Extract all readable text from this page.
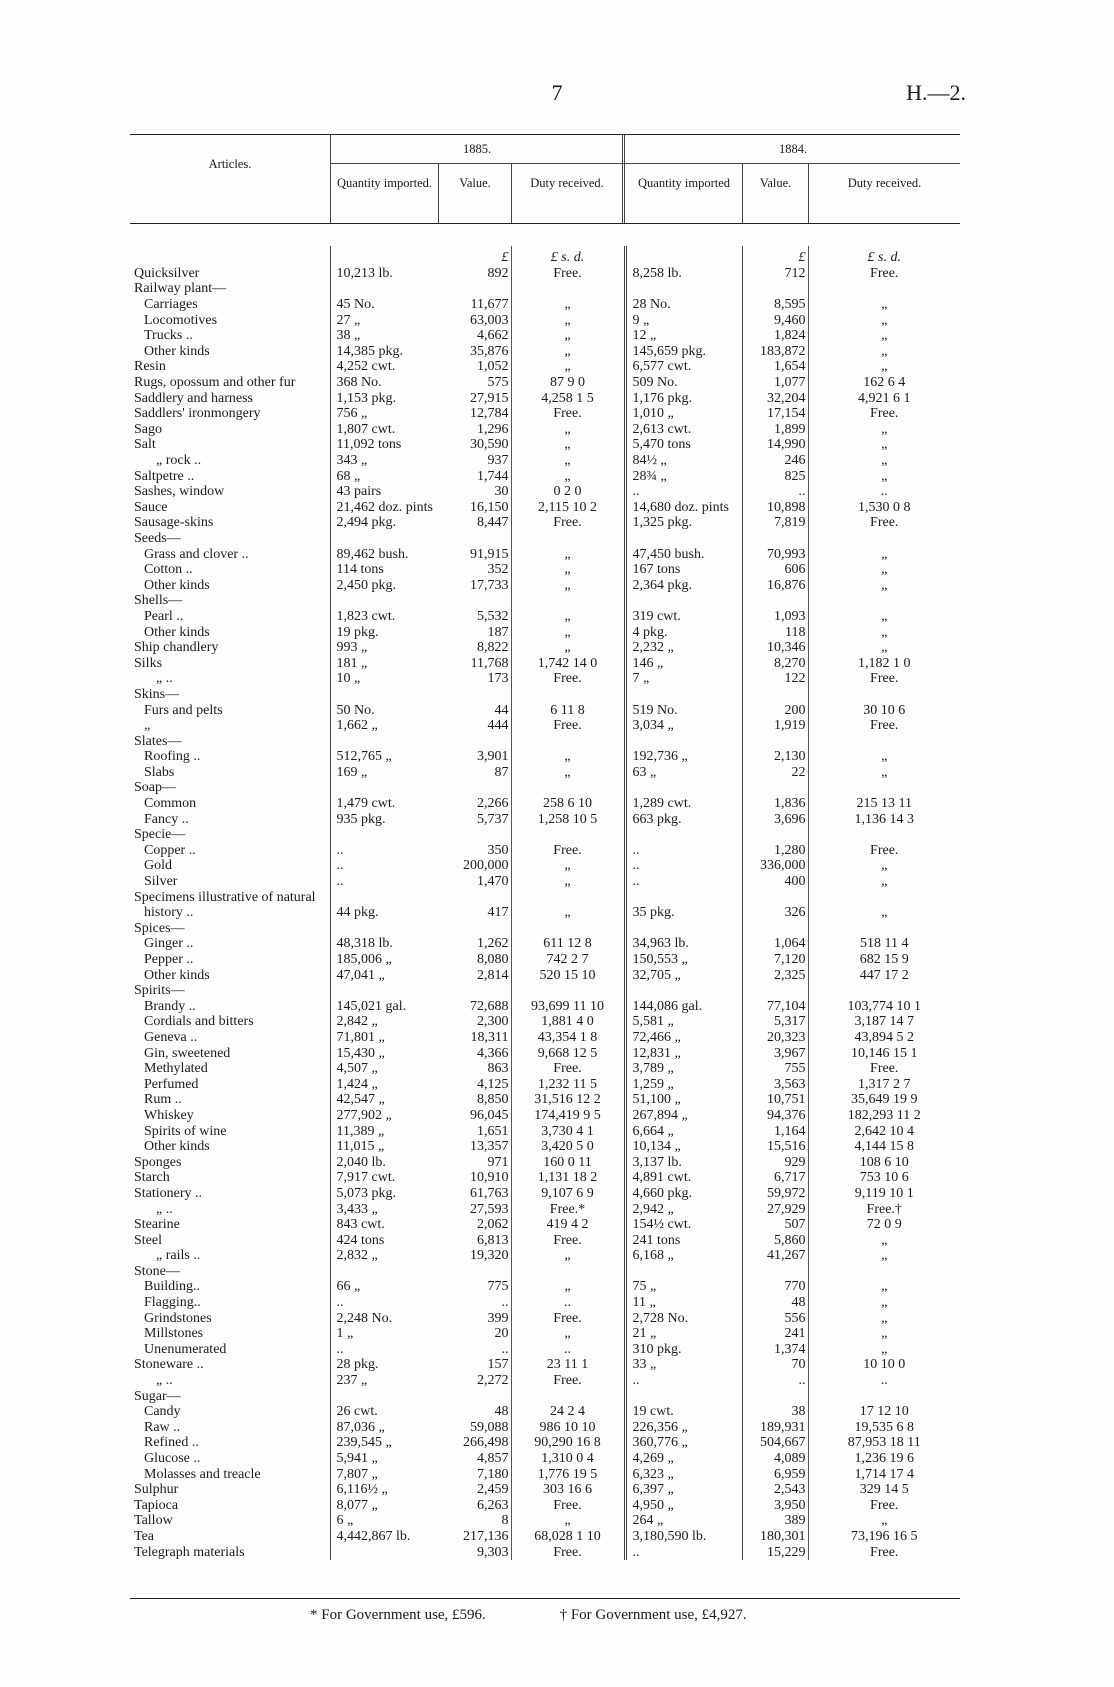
7	H.—2.
Articles.
1885.	1884.
Quantity imported.	Value.	Duty received.	Quantity imported	Value.	Duty received.
		£	£ s. d.		£	£ s. d.
Quicksilver	10,213 lb.	892	Free.	8,258 lb.	712	Free.
Railway plant—						
Carriages	45 No.	11,677	„	28 No.	8,595	„
Locomotives	27 „	63,003	„	9 „	9,460	„
Trucks ..	38 „	4,662	„	12 „	1,824	„
Other kinds	14,385 pkg.	35,876	„	145,659 pkg.	183,872	„
Resin	4,252 cwt.	1,052	„	6,577 cwt.	1,654	„
Rugs, opossum and other fur	368 No.	575	87 9 0	509 No.	1,077	162 6 4
Saddlery and harness	1,153 pkg.	27,915	4,258 1 5	1,176 pkg.	32,204	4,921 6 1
Saddlers' ironmongery	756 „	12,784	Free.	1,010 „	17,154	Free.
Sago	1,807 cwt.	1,296	„	2,613 cwt.	1,899	„
Salt	11,092 tons	30,590	„	5,470 tons	14,990	„
„ rock ..	343 „	937	„	84½ „	246	„
Saltpetre ..	68 „	1,744	„	28¾ „	825	„
Sashes, window	43 pairs	30	0 2 0	..	..	..
Sauce	21,462 doz. pints	16,150	2,115 10 2	14,680 doz. pints	10,898	1,530 0 8
Sausage-skins	2,494 pkg.	8,447	Free.	1,325 pkg.	7,819	Free.
Seeds—						
Grass and clover ..	89,462 bush.	91,915	„	47,450 bush.	70,993	„
Cotton ..	114 tons	352	„	167 tons	606	„
Other kinds	2,450 pkg.	17,733	„	2,364 pkg.	16,876	„
Shells—						
Pearl ..	1,823 cwt.	5,532	„	319 cwt.	1,093	„
Other kinds	19 pkg.	187	„	4 pkg.	118	„
Ship chandlery	993 „	8,822	„	2,232 „	10,346	„
Silks	181 „	11,768	1,742 14 0	146 „	8,270	1,182 1 0
„ ..	10 „	173	Free.	7 „	122	Free.
Skins—						
Furs and pelts	50 No.	44	6 11 8	519 No.	200	30 10 6
„	1,662 „	444	Free.	3,034 „	1,919	Free.
Slates—						
Roofing ..	512,765 „	3,901	„	192,736 „	2,130	„
Slabs	169 „	87	„	63 „	22	„
Soap—						
Common	1,479 cwt.	2,266	258 6 10	1,289 cwt.	1,836	215 13 11
Fancy ..	935 pkg.	5,737	1,258 10 5	663 pkg.	3,696	1,136 14 3
Specie—						
Copper ..	..	350	Free.	..	1,280	Free.
Gold	..	200,000	„	..	336,000	„
Silver	..	1,470	„	..	400	„
Specimens illustrative of natural						
history ..	44 pkg.	417	„	35 pkg.	326	„
Spices—						
Ginger ..	48,318 lb.	1,262	611 12 8	34,963 lb.	1,064	518 11 4
Pepper ..	185,006 „	8,080	742 2 7	150,553 „	7,120	682 15 9
Other kinds	47,041 „	2,814	520 15 10	32,705 „	2,325	447 17 2
Spirits—						
Brandy ..	145,021 gal.	72,688	93,699 11 10	144,086 gal.	77,104	103,774 10 1
Cordials and bitters	2,842 „	2,300	1,881 4 0	5,581 „	5,317	3,187 14 7
Geneva ..	71,801 „	18,311	43,354 1 8	72,466 „	20,323	43,894 5 2
Gin, sweetened	15,430 „	4,366	9,668 12 5	12,831 „	3,967	10,146 15 1
Methylated	4,507 „	863	Free.	3,789 „	755	Free.
Perfumed	1,424 „	4,125	1,232 11 5	1,259 „	3,563	1,317 2 7
Rum ..	42,547 „	8,850	31,516 12 2	51,100 „	10,751	35,649 19 9
Whiskey	277,902 „	96,045	174,419 9 5	267,894 „	94,376	182,293 11 2
Spirits of wine	11,389 „	1,651	3,730 4 1	6,664 „	1,164	2,642 10 4
Other kinds	11,015 „	13,357	3,420 5 0	10,134 „	15,516	4,144 15 8
Sponges	2,040 lb.	971	160 0 11	3,137 lb.	929	108 6 10
Starch	7,917 cwt.	10,910	1,131 18 2	4,891 cwt.	6,717	753 10 6
Stationery ..	5,073 pkg.	61,763	9,107 6 9	4,660 pkg.	59,972	9,119 10 1
„ ..	3,433 „	27,593	Free.*	2,942 „	27,929	Free.†
Stearine	843 cwt.	2,062	419 4 2	154½ cwt.	507	72 0 9
Steel	424 tons	6,813	Free.	241 tons	5,860	„
„ rails ..	2,832 „	19,320	„	6,168 „	41,267	„
Stone—						
Building..	66 „	775	„	75 „	770	„
Flagging..	..	..	..	11 „	48	„
Grindstones	2,248 No.	399	Free.	2,728 No.	556	„
Millstones	1 „	20	„	21 „	241	„
Unenumerated	..	..	..	310 pkg.	1,374	„
Stoneware ..	28 pkg.	157	23 11 1	33 „	70	10 10 0
„ ..	237 „	2,272	Free.	..	..	..
Sugar—						
Candy	26 cwt.	48	24 2 4	19 cwt.	38	17 12 10
Raw ..	87,036 „	59,088	986 10 10	226,356 „	189,931	19,535 6 8
Refined ..	239,545 „	266,498	90,290 16 8	360,776 „	504,667	87,953 18 11
Glucose ..	5,941 „	4,857	1,310 0 4	4,269 „	4,089	1,236 19 6
Molasses and treacle	7,807 „	7,180	1,776 19 5	6,323 „	6,959	1,714 17 4
Sulphur	6,116½ „	2,459	303 16 6	6,397 „	2,543	329 14 5
Tapioca	8,077 „	6,263	Free.	4,950 „	3,950	Free.
Tallow	6 „	8	„	264 „	389	„
Tea	4,442,867 lb.	217,136	68,028 1 10	3,180,590 lb.	180,301	73,196 16 5
Telegraph materials		9,303	Free.	..	15,229	Free.
* For Government use, £596.	† For Government use, £4,927.
